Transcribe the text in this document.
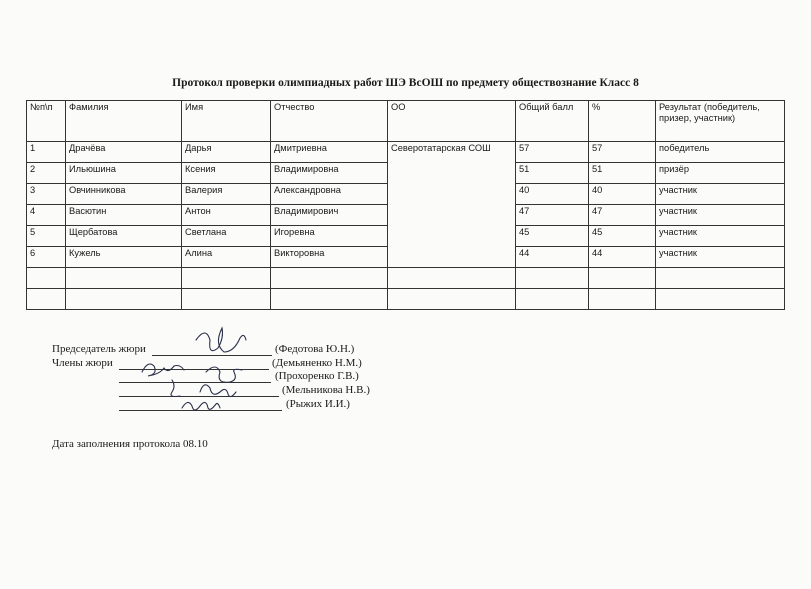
Протокол проверки олимпиадных работ ШЭ ВсОШ по предмету обществознание Класс 8
№п\п	Фамилия	Имя	Отчество	ОО	Общий балл	%	Результат (победитель, призер, участник)
1	Драчёва	Дарья	Дмитриевна	Северотатарская СОШ	57	57	победитель
2	Ильюшина	Ксения	Владимировна		51	51	призёр
3	Овчинникова	Валерия	Александровна		40	40	участник
4	Васютин	Антон	Владимирович		47	47	участник
5	Щербатова	Светлана	Игоревна		45	45	участник
6	Кужель	Алина	Викторовна		44	44	участник

Председатель жюри	(Федотова Ю.Н.)
Члены жюри	(Демьяненко Н.М.)
(Прохоренко Г.В.)
(Мельникова Н.В.)
(Рыжих И.И.)
Дата заполнения протокола 08.10
